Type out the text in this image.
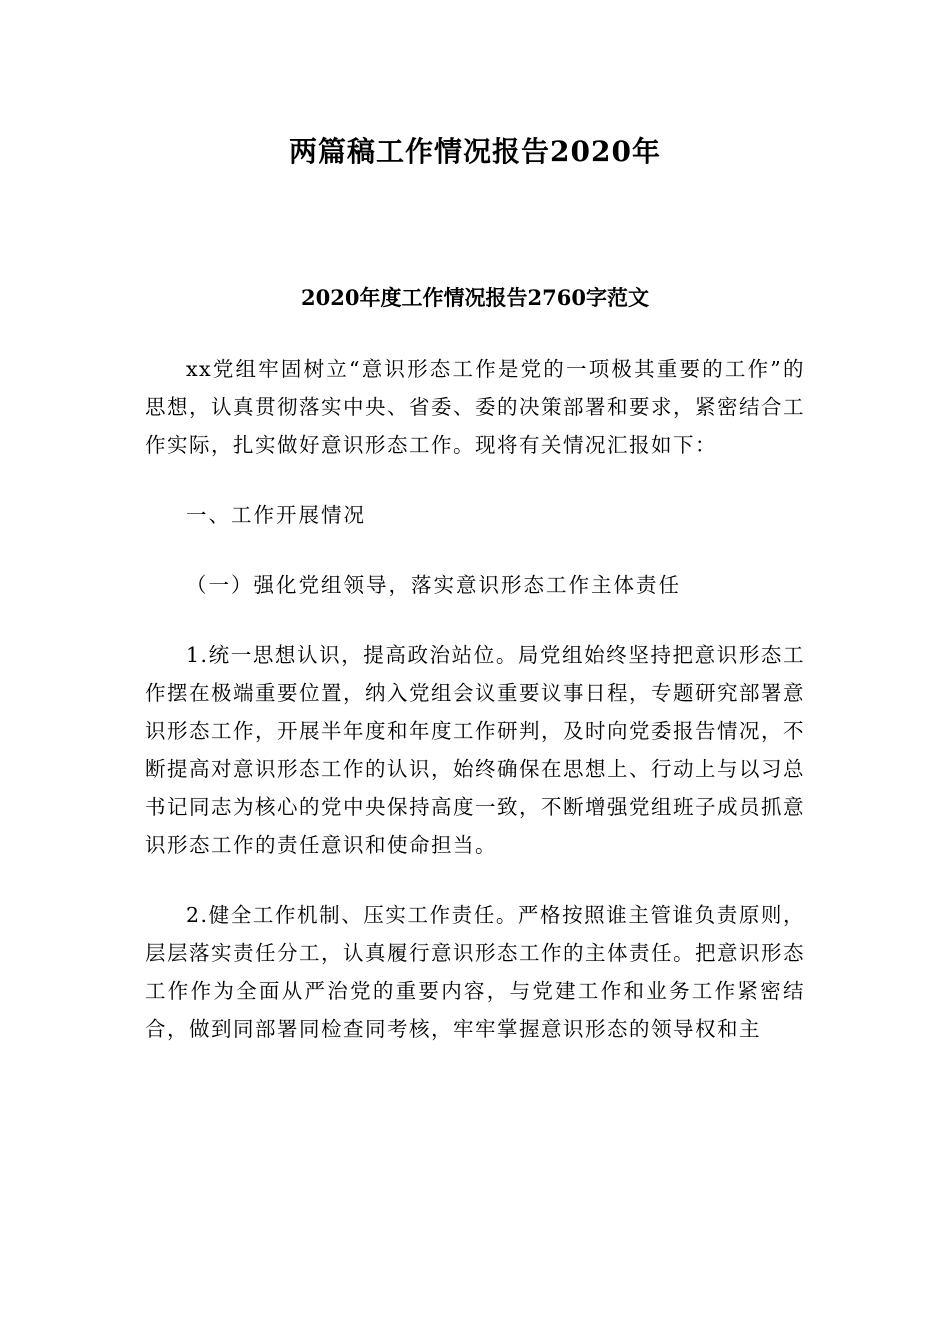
两篇稿工作情况报告2020年
2020年度工作情况报告2760字范文

xx党组牢固树立“意识形态工作是党的一项极其重要的工作”的思想，认真贯彻落实中央、省委、委的决策部署和要求，紧密结合工作实际，扎实做好意识形态工作。现将有关情况汇报如下：

一、工作开展情况

（一）强化党组领导，落实意识形态工作主体责任

1.统一思想认识，提高政治站位。局党组始终坚持把意识形态工作摆在极端重要位置，纳入党组会议重要议事日程，专题研究部署意识形态工作，开展半年度和年度工作研判，及时向党委报告情况，不断提高对意识形态工作的认识，始终确保在思想上、行动上与以习总书记同志为核心的党中央保持高度一致，不断增强党组班子成员抓意识形态工作的责任意识和使命担当。

2.健全工作机制、压实工作责任。严格按照谁主管谁负责原则，层层落实责任分工，认真履行意识形态工作的主体责任。把意识形态工作作为全面从严治党的重要内容，与党建工作和业务工作紧密结合，做到同部署同检查同考核，牢牢掌握意识形态的领导权和主
